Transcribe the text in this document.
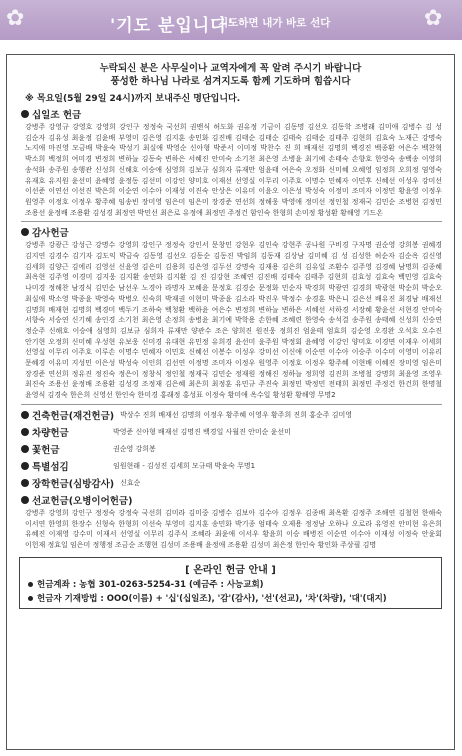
✿	'기도 분입니다'
기도하면 내가 바로 선다	✿
누락되신 분은 사무실이나 교역자에게 꼭 알려 주시기 바랍니다
풍성한 하나님 나라로 섬겨지도록 함께 기도하며 힘씁시다
※ 목요일(5월 29일 24시)까지 보내주신 명단입니다.
십일조 헌금
강병주 강영규 강영호 강영희 강인구 정정숙 국선희 권맨식 허도화 권유정 기금이 김동명 김선오 김동학 조병래 김미애 김병수 김 성 김순자 김유성 최윤정 김윤배 부영미 김은영 김지훈 송민화 김진배 김태순 김태순 김태숙 김태순 김태주 김현희 김효숙 노재근 강명숙 노지애 마진영 모금배 박윤숙 박성기 최실애 박영순 신아형 박준서 이미정 박찬수 진 희 배재선 김명희 백경진 백종환 여은수 백찬혁 박소희 백정희 여미경 변정희 변하늘 김동숙 변하은 서혜진 안미숙 소기천 최은영 소병윤 최기예 손태숙 손향호 한영숙 송백송 이영희 송석화 송주원 송행관 신성희 신해호 이승애 심영희 김보규 심희자 류재만 엄윤태 여은숙 오정화 신미혜 오혜영 임정희 오희정 염영숙 유재호 유지원 윤선미 윤혜영 윤정동 김선미 이강인 양미호 이재선 선영실 이무리 이주호 이명수 민혜자 이민후 신혜선 이성우 강미선 이선준 이연선 이선진 박은희 이순연 이수아 이재성 이진숙 안상은 이유미 이윤오 이은성 박성숙 이정미 조미자 이정민 황윤영 이정우 원영주 이정호 이정우 황주혜 임송빈 장미영 임은미 임은미 장경준 연선희 정해웅 박영애 정미선 정인철 정재국 김민순 조병현 김정민 조용선 윤정배 조용환 김성경 최정연 박민선 최은로 유정애 최정민 주정건 함인숙 한형희 손미정 황성환 황해영 기드온
감사헌금
강병주 강광근 강성근 강명수 강영희 강인구 정정숙 강인서 문창민 강현우 김인숙 강현주 공나원 구비경 구자명 권순영 강희봉 권혜경 김지연 김경수 김기자 김도익 박금숙 김동영 김선오 김동순 김동진 박임희 김동재 김상남 김미혜 김 성 김성한 허순자 김순옥 김신영 김세희 김양근 김에리 김영선 신윤영 김은미 김용희 김은영 김두선 강명숙 김재용 김은희 김유일 조환수 김주영 김경혜 남명희 김종혜 최옥현 김주영 이경미 김지웅 김지환 송민화 김지환 김 진 김강현 조혜연 김진배 김태숙 김태주 김현희 김효성 김효숙 백민영 김효숙 나미경 정해찬 남경식 김민순 남선우 노경아 라명자 모혜윤 문정호 김경순 문정화 민순자 박경희 박광연 김경희 박광현 박순희 박순오 최실애 박소영 박종윤 박영숙 박병오 신숙희 박재권 이현미 박종윤 김소라 박진우 박정수 송경훈 박은니 김은선 배유진 최경남 배재선 김명희 배재현 김명희 백경미 백두기 조하숙 백청환 백하윤 여은수 변정희 변하늘 변하은 서혜선 서하경 서장혜 황윤선 서현경 안미숙 서향숙 서승연 신기혜 송인경 소기천 최은영 손정희 송병윤 최기예 박학용 손한혜 조혜련 한영숙 송석결 송주원 송태혜 신성희 신승연 정순주 신해호 이승애 심영희 김보규 심희자 류재만 양관수 조은 양희진 원진웅 정희진 엄윤태 엄효희 김순영 오경완 오석호 오수진 안기현 오정희 신미혜 우성현 유보웅 신미경 유대현 유민정 유희경 윤선미 윤주원 박정회 윤혜영 이강인 양미호 이경면 이재우 이세희 선영실 이무리 이주호 이루손 이명수 민혜자 이민호 신혜선 이봉수 이성우 강미선 이신애 이순연 이수아 이승주 이수미 이영미 이유리 문혜경 이유미 지성민 이은성 박성숙 이인희 김선연 이정명 조미자 이정우 원영주 이정호 이정우 황주혜 이현배 이혜진 장미영 임은미 장경준 연선희 정유진 정진숙 정은이 정창식 정인철 정재국 김민순 정재원 정해진 정하늘 정희영 김진희 조병철 강명희 최윤영 조영우 최진숙 조용선 윤정배 조용환 김성경 조정재 김은혜 최은희 최정훈 유민규 주진숙 최정민 박정민 전태희 최정민 주정건 한건희 한명철 윤영식 김경숙 한은희 신영선 한인숙 한미경 홍래정 홍성표 이정숙 황미애 옥수일 황성환 황해영 무명2
건축헌금(재건헌금) 박상수 진희 배재선 김명희 이정우 황주혜 이영우 황주희 진희 홍순주 김미영
차량헌금	박영준 신아형 배재선 김명진 백경일 사월진 안미순 윤선미
꽃헌금	권순영 강희봉
특별섬김	임원현래 - 김성진 김세희 모규태 박윤숙 무명1
장학헌금(심방감사) 신효순
선교헌금(오병이어헌금)
강병주 강영희 강인구 정정숙 강정숙 국선희 김미라 김미중 김병수 김보아 김수아 김정우 김종배 최옥환 김정주 조해연 김철현 한해숙 이서연 한영희 한장수 신형숙 한형희 이선숙 부영미 김지훈 송민화 박기종 엄태숙 오제용 정정남 오하나 오로라 유영진 안미현 유은희 유혜진 이재영 강수미 이재서 선영실 이무리 김주식 조혜라 최윤애 이서우 황윤희 이승 배병진 이순연 이수아 이재성 이정숙 안윤회 이헌재 정효일 임은미 정행정 조금순 조행현 김성미 조용배 윤정애 조용환 김성미 최은정 한인숙 황인화 주상필 김명
[ 온라인 헌금 안내 ]
헌금계좌 : 농협 301-0263-5254-31 (예금주 : 사능교회)
헌금자 기재방법 : OOO(이름) + '십'(십일조), '감'(감사), '선'(선교), '차'(차량), '대'(대지)
